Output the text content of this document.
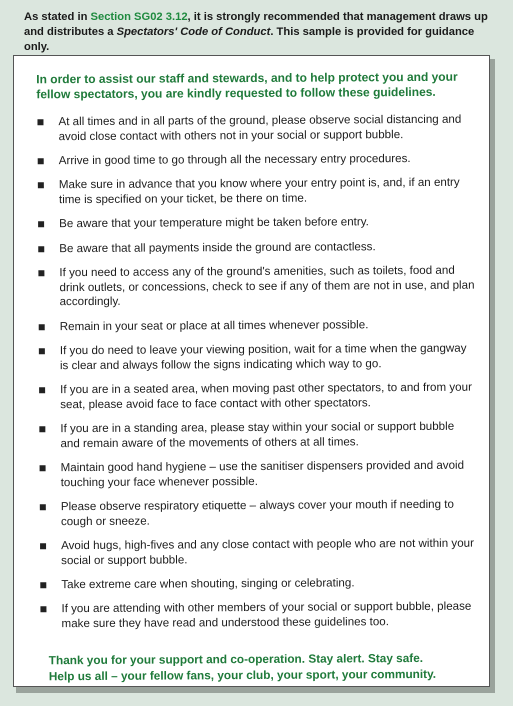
As stated in Section SG02 3.12, it is strongly recommended that management draws up and distributes a Spectators' Code of Conduct. This sample is provided for guidance only.
In order to assist our staff and stewards, and to help protect you and your fellow spectators, you are kindly requested to follow these guidelines.
At all times and in all parts of the ground, please observe social distancing and avoid close contact with others not in your social or support bubble.
Arrive in good time to go through all the necessary entry procedures.
Make sure in advance that you know where your entry point is, and, if an entry time is specified on your ticket, be there on time.
Be aware that your temperature might be taken before entry.
Be aware that all payments inside the ground are contactless.
If you need to access any of the ground's amenities, such as toilets, food and drink outlets, or concessions, check to see if any of them are not in use, and plan accordingly.
Remain in your seat or place at all times whenever possible.
If you do need to leave your viewing position, wait for a time when the gangway is clear and always follow the signs indicating which way to go.
If you are in a seated area, when moving past other spectators, to and from your seat, please avoid face to face contact with other spectators.
If you are in a standing area, please stay within your social or support bubble and remain aware of the movements of others at all times.
Maintain good hand hygiene – use the sanitiser dispensers provided and avoid touching your face whenever possible.
Please observe respiratory etiquette – always cover your mouth if needing to cough or sneeze.
Avoid hugs, high-fives and any close contact with people who are not within your social or support bubble.
Take extreme care when shouting, singing or celebrating.
If you are attending with other members of your social or support bubble, please make sure they have read and understood these guidelines too.
Thank you for your support and co-operation. Stay alert. Stay safe.
Help us all – your fellow fans, your club, your sport, your community.
